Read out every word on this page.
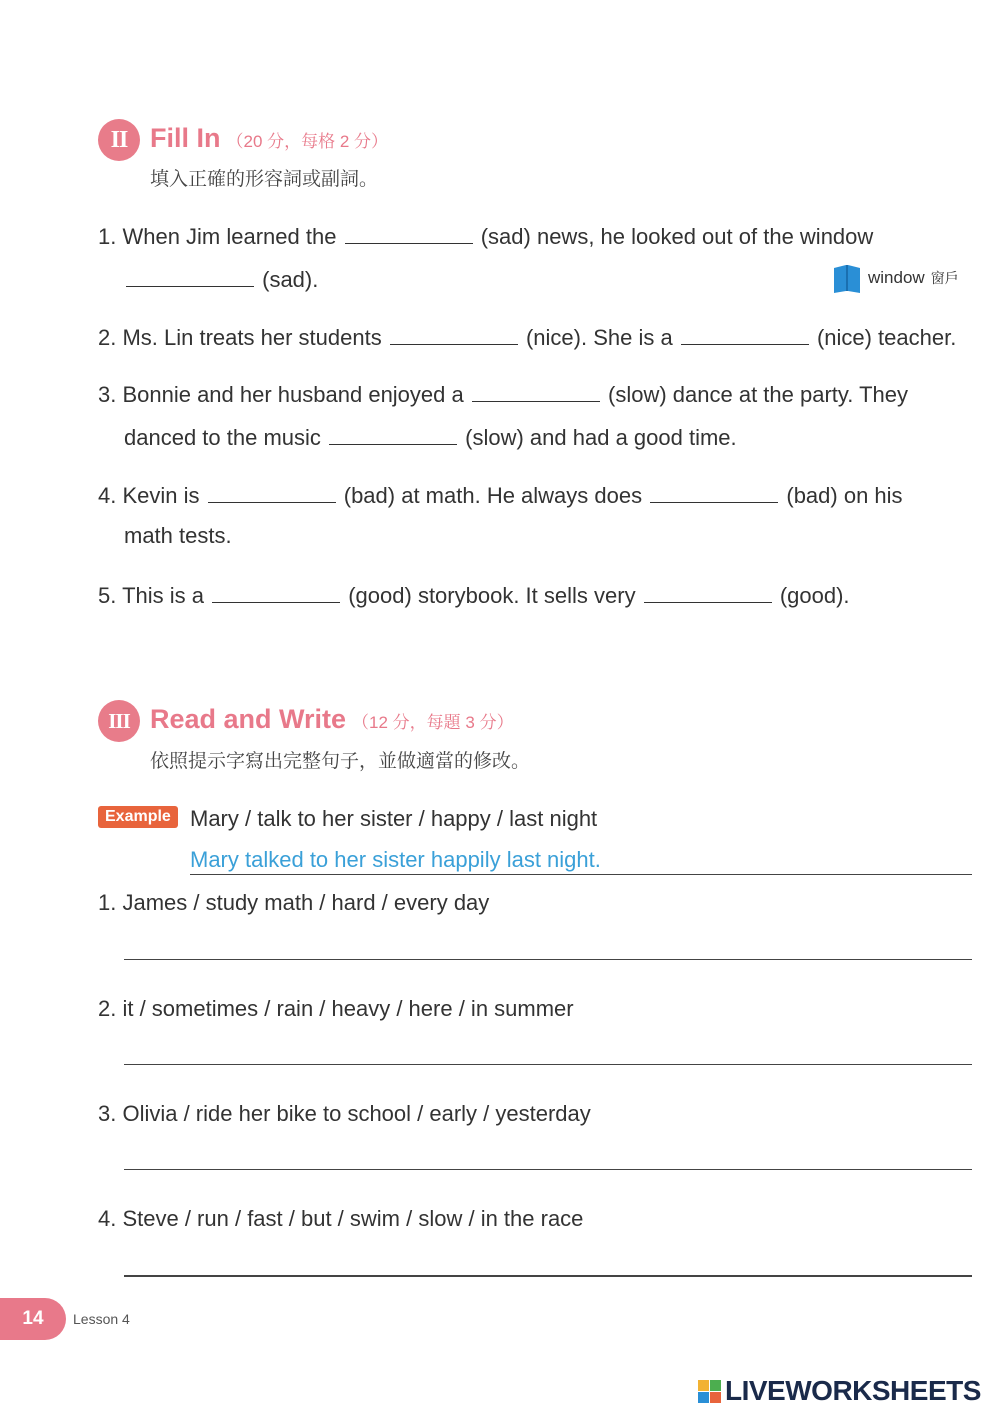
II Fill In （20 分，每格 2 分）
填入正確的形容詞或副詞。
1. When Jim learned the	(sad) news, he looked out of the window
(sad).	window 窗戶
2. Ms. Lin treats her students	(nice). She is a	(nice) teacher.
3. Bonnie and her husband enjoyed a	(slow) dance at the party. They
danced to the music	(slow) and had a good time.
4. Kevin is	(bad) at math. He always does	(bad) on his
math tests.
5. This is a	(good) storybook. It sells very	(good).
III Read and Write （12 分，每題 3 分）
依照提示字寫出完整句子，並做適當的修改。
Example Mary / talk to her sister / happy / last night
Mary talked to her sister happily last night.
1. James / study math / hard / every day
2. it / sometimes / rain / heavy / here / in summer
3. Olivia / ride her bike to school / early / yesterday
4. Steve / run / fast / but / swim / slow / in the race
14	Lesson 4
LIVEWORKSHEETS
